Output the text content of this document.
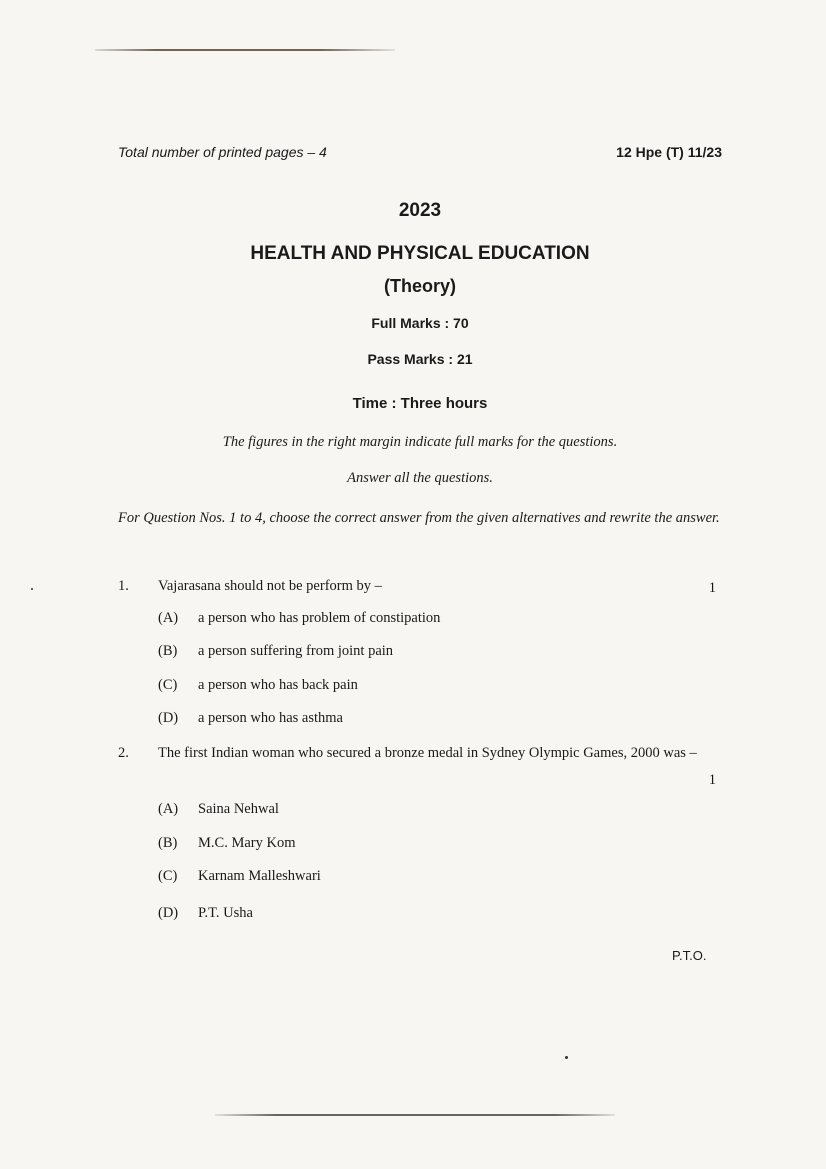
Total number of printed pages – 4	12 Hpe (T) 11/23
2023
HEALTH AND PHYSICAL EDUCATION
(Theory)
Full Marks : 70
Pass Marks : 21
Time : Three hours
The figures in the right margin indicate full marks for the questions.
Answer all the questions.
For Question Nos. 1 to 4, choose the correct answer from the given alternatives and rewrite the answer.
1. Vajarasana should not be perform by –	1
(A) a person who has problem of constipation
(B) a person suffering from joint pain
(C) a person who has back pain
(D) a person who has asthma
2. The first Indian woman who secured a bronze medal in Sydney Olympic Games, 2000 was –
1
(A) Saina Nehwal
(B) M.C. Mary Kom
(C) Karnam Malleshwari
(D) P.T. Usha
P.T.O.
